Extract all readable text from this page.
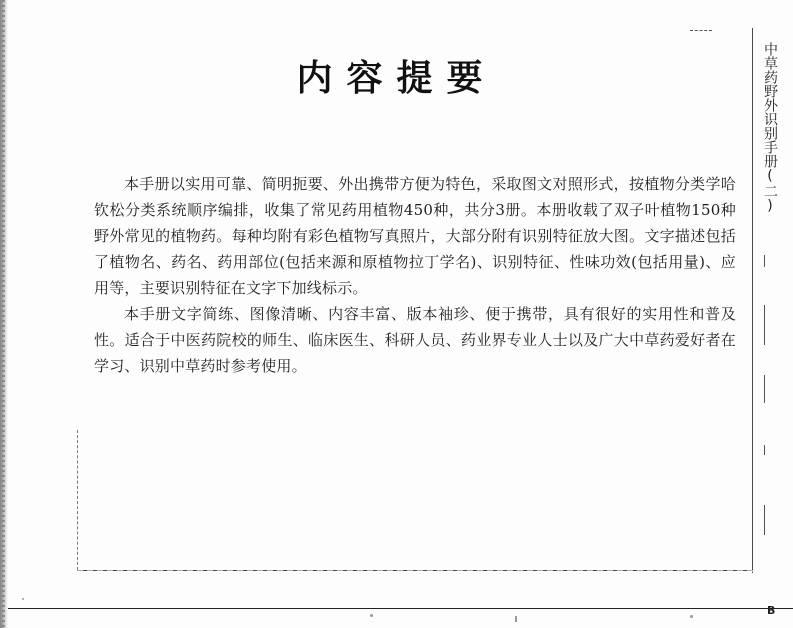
内容提要

本手册以实用可靠、简明扼要、外出携带方便为特色，采取图文对照形式，按植物分类学哈钦松分类系统顺序编排，收集了常见药用植物450种，共分3册。本册收载了双子叶植物150种野外常见的植物药。每种均附有彩色植物写真照片，大部分附有识别特征放大图。文字描述包括了植物名、药名、药用部位(包括来源和原植物拉丁学名)、识别特征、性味功效(包括用量)、应用等，主要识别特征在文字下加线标示。

本手册文字简练、图像清晰、内容丰富、版本袖珍、便于携带，具有很好的实用性和普及性。适合于中医药院校的师生、临床医生、科研人员、药业界专业人士以及广大中草药爱好者在学习、识别中草药时参考使用。

中草药野外识别手册(二)
B
